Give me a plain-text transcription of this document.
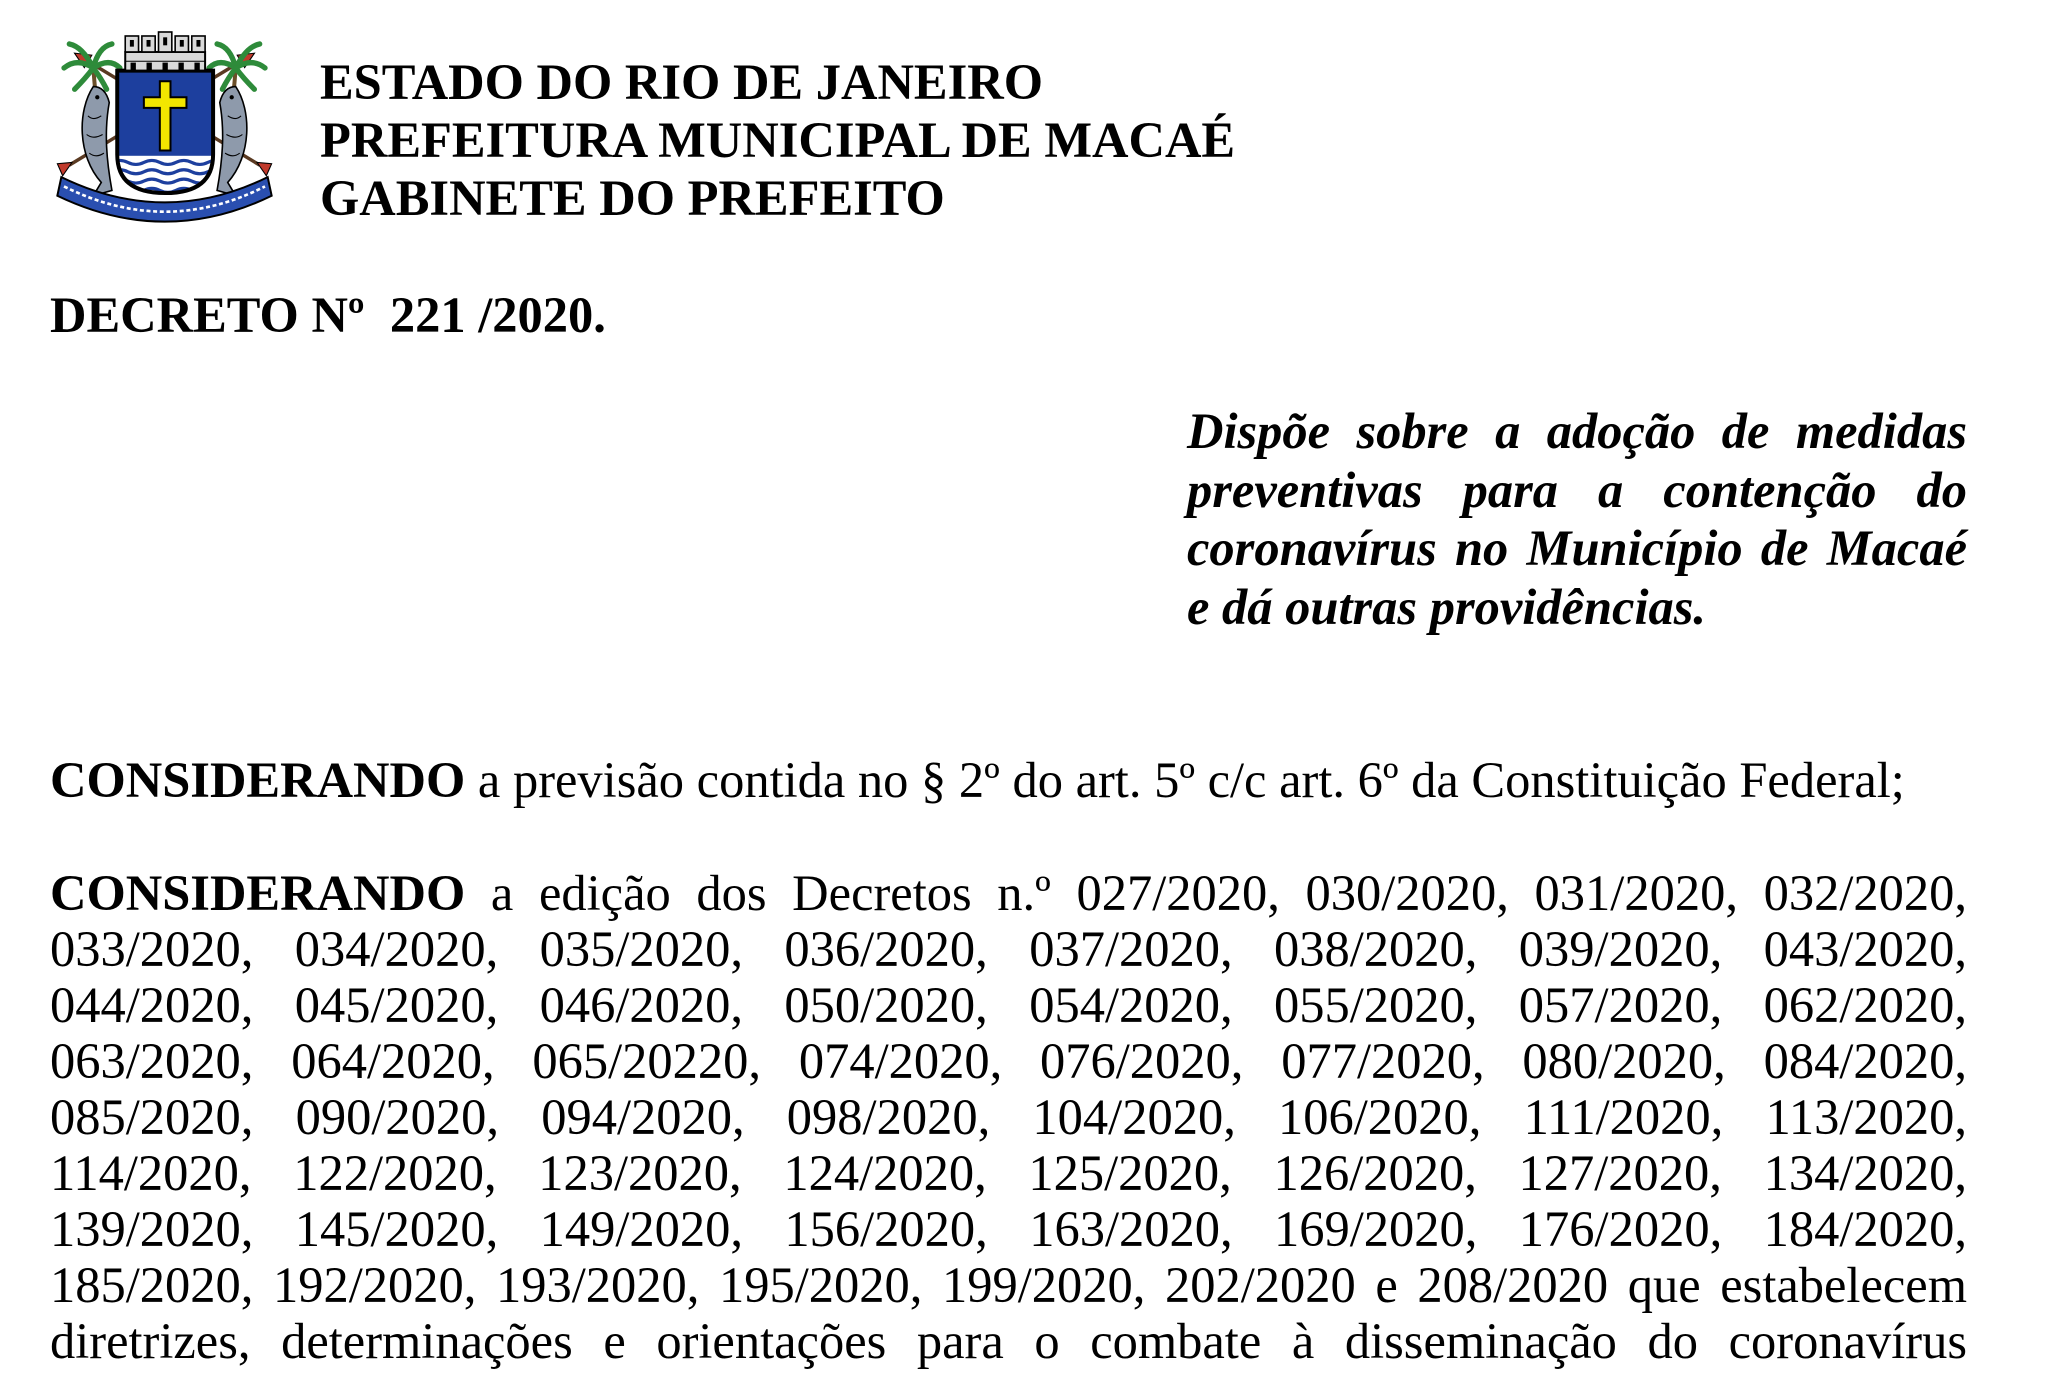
ESTADO DO RIO DE JANEIRO
PREFEITURA MUNICIPAL DE MACAÉ
GABINETE DO PREFEITO
DECRETO Nº  221 /2020.
Dispõe sobre a adoção de medidas
preventivas para a contenção do
coronavírus no Município de Macaé
e dá outras providências.
CONSIDERANDO a previsão contida no § 2º do art. 5º c/c art. 6º da Constituição Federal;
CONSIDERANDO a edição dos Decretos n.º 027/2020, 030/2020, 031/2020, 032/2020,
033/2020, 034/2020, 035/2020, 036/2020, 037/2020, 038/2020, 039/2020, 043/2020,
044/2020, 045/2020, 046/2020, 050/2020, 054/2020, 055/2020, 057/2020, 062/2020,
063/2020, 064/2020, 065/20220, 074/2020, 076/2020, 077/2020, 080/2020, 084/2020,
085/2020, 090/2020, 094/2020, 098/2020, 104/2020, 106/2020, 111/2020, 113/2020,
114/2020, 122/2020, 123/2020, 124/2020, 125/2020, 126/2020, 127/2020, 134/2020,
139/2020, 145/2020, 149/2020, 156/2020, 163/2020, 169/2020, 176/2020, 184/2020,
185/2020, 192/2020, 193/2020, 195/2020, 199/2020, 202/2020 e 208/2020 que estabelecem
diretrizes, determinações e orientações para o combate à disseminação do coronavírus
